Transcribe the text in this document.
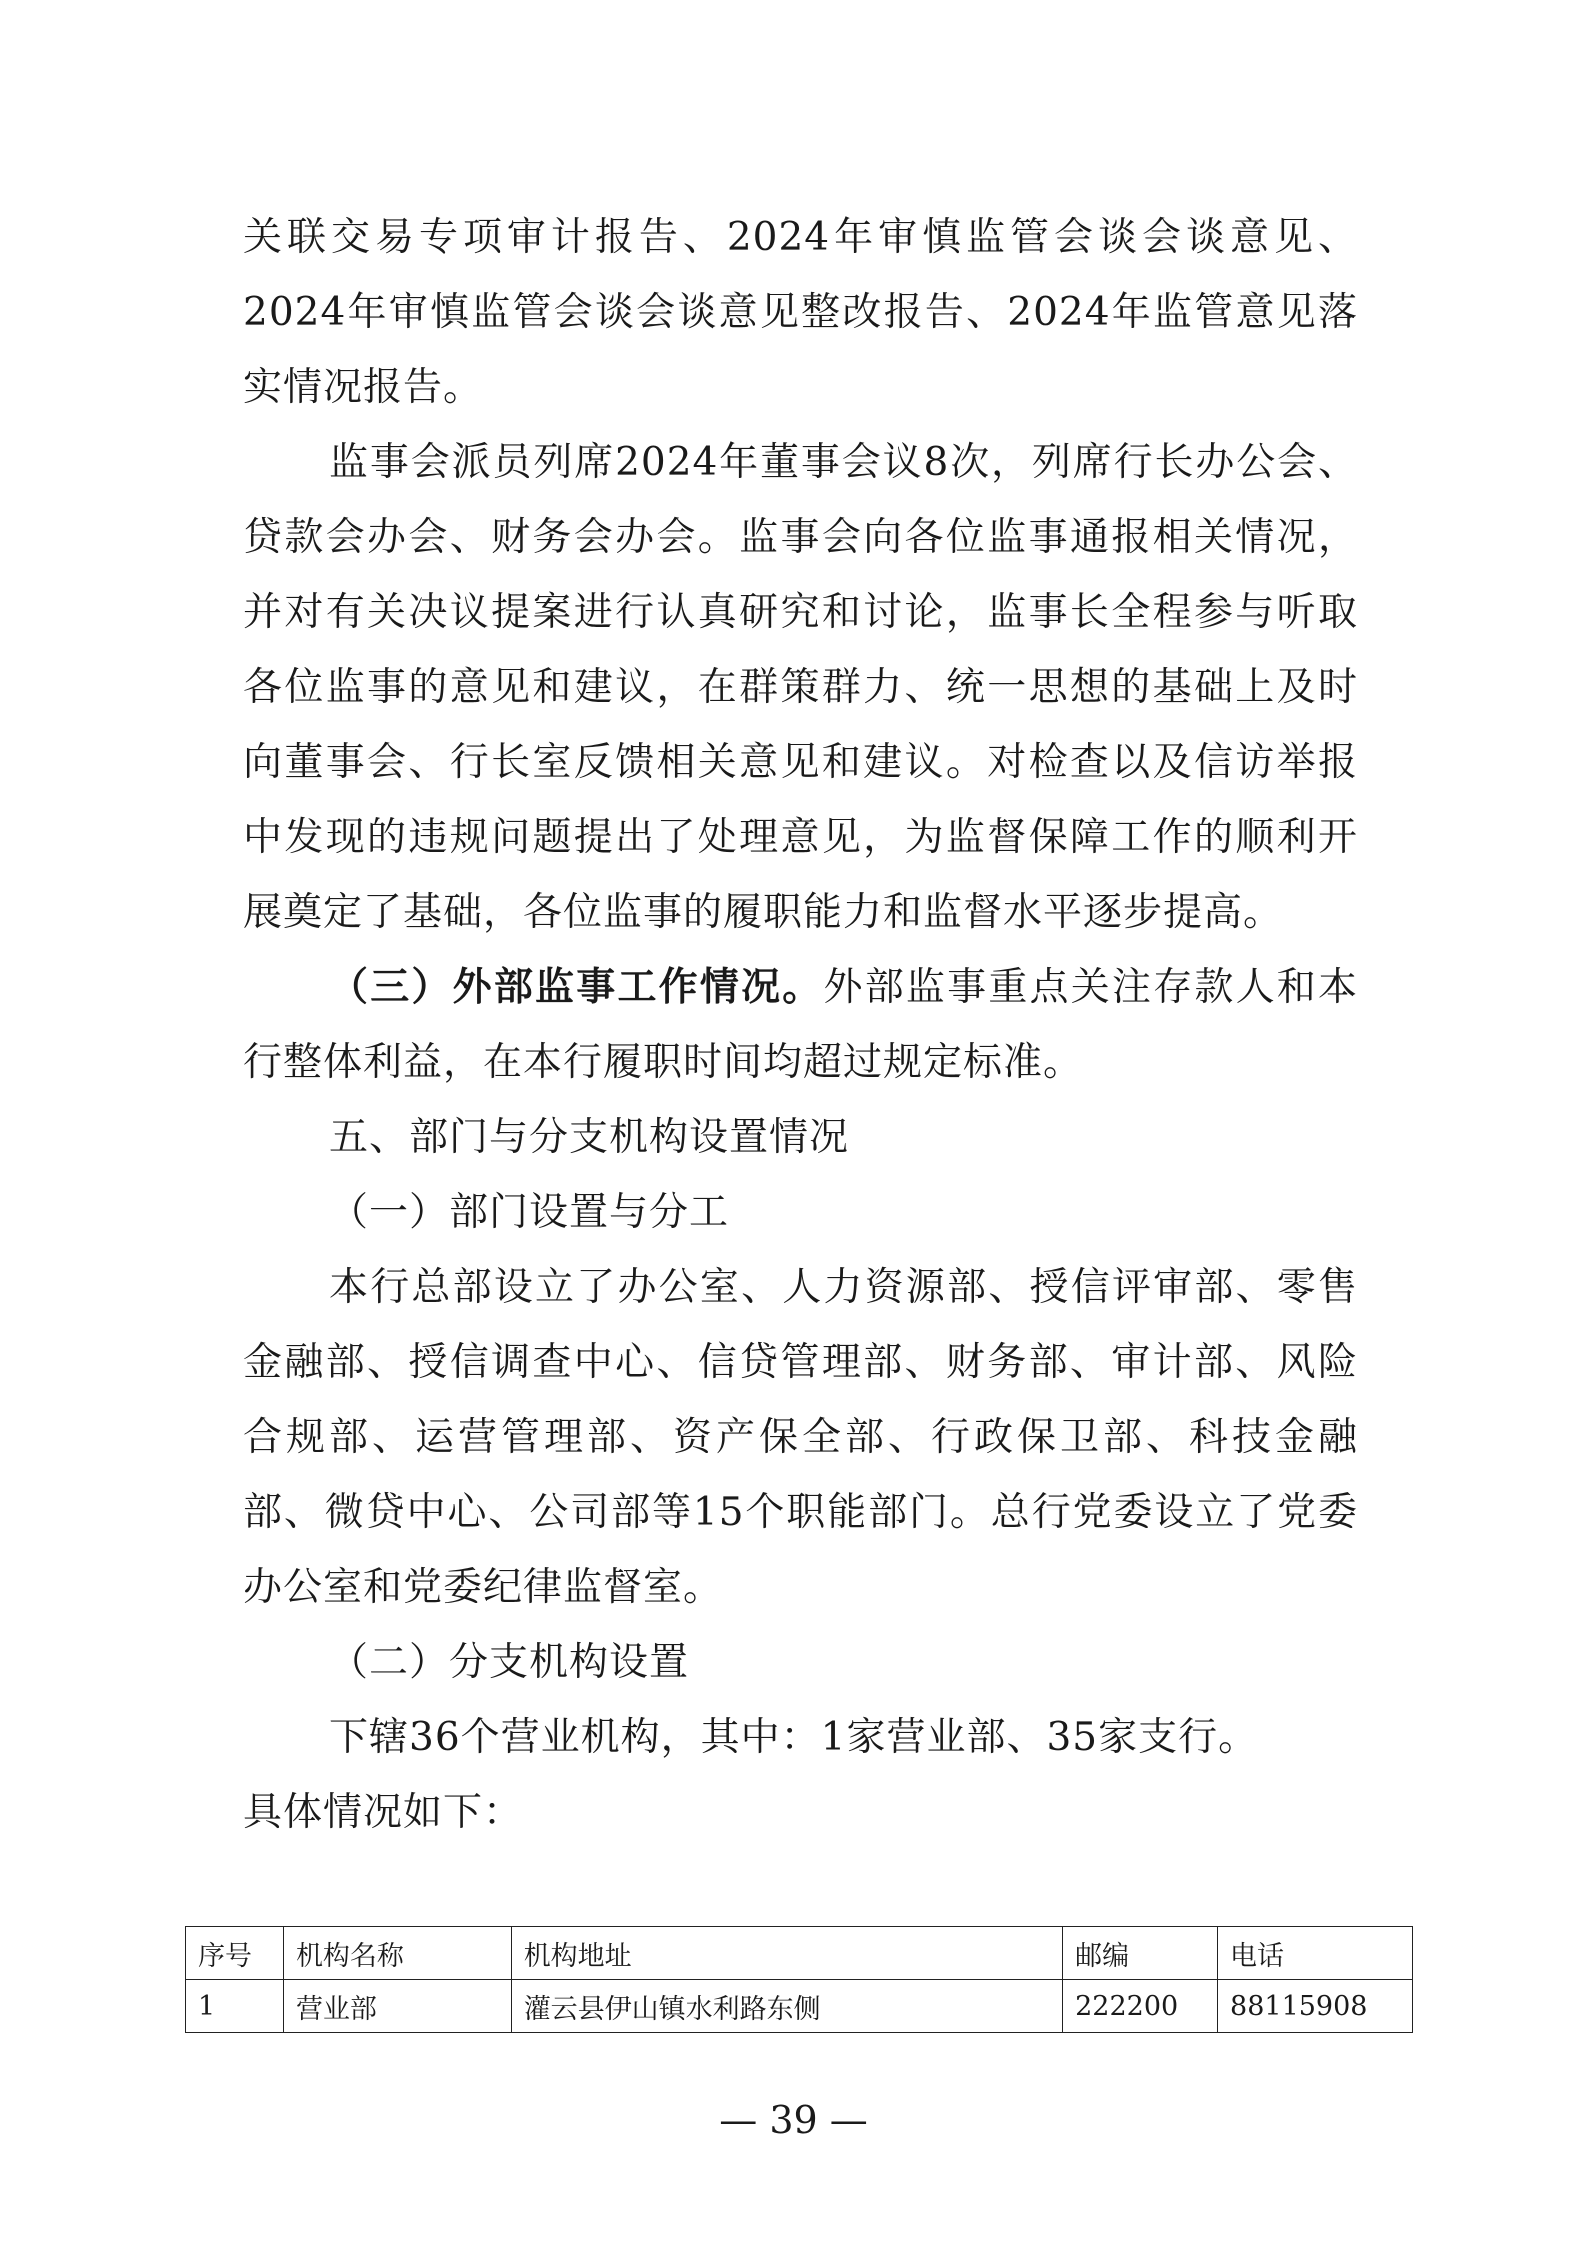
关联交易专项审计报告、2024年审慎监管会谈会谈意见、2024年审慎监管会谈会谈意见整改报告、2024年监管意见落实情况报告。

监事会派员列席2024年董事会议8次，列席行长办公会、贷款会办会、财务会办会。监事会向各位监事通报相关情况，并对有关决议提案进行认真研究和讨论，监事长全程参与听取各位监事的意见和建议，在群策群力、统一思想的基础上及时向董事会、行长室反馈相关意见和建议。对检查以及信访举报中发现的违规问题提出了处理意见，为监督保障工作的顺利开展奠定了基础，各位监事的履职能力和监督水平逐步提高。

（三）外部监事工作情况。外部监事重点关注存款人和本行整体利益，在本行履职时间均超过规定标准。

五、部门与分支机构设置情况

（一）部门设置与分工

本行总部设立了办公室、人力资源部、授信评审部、零售金融部、授信调查中心、信贷管理部、财务部、审计部、风险合规部、运营管理部、资产保全部、行政保卫部、科技金融部、微贷中心、公司部等15个职能部门。总行党委设立了党委办公室和党委纪律监督室。

（二）分支机构设置

下辖36个营业机构，其中：1家营业部、35家支行。

具体情况如下：

序号	机构名称	机构地址	邮编	电话
1	营业部	灌云县伊山镇水利路东侧	222200	88115908
— 39 —
